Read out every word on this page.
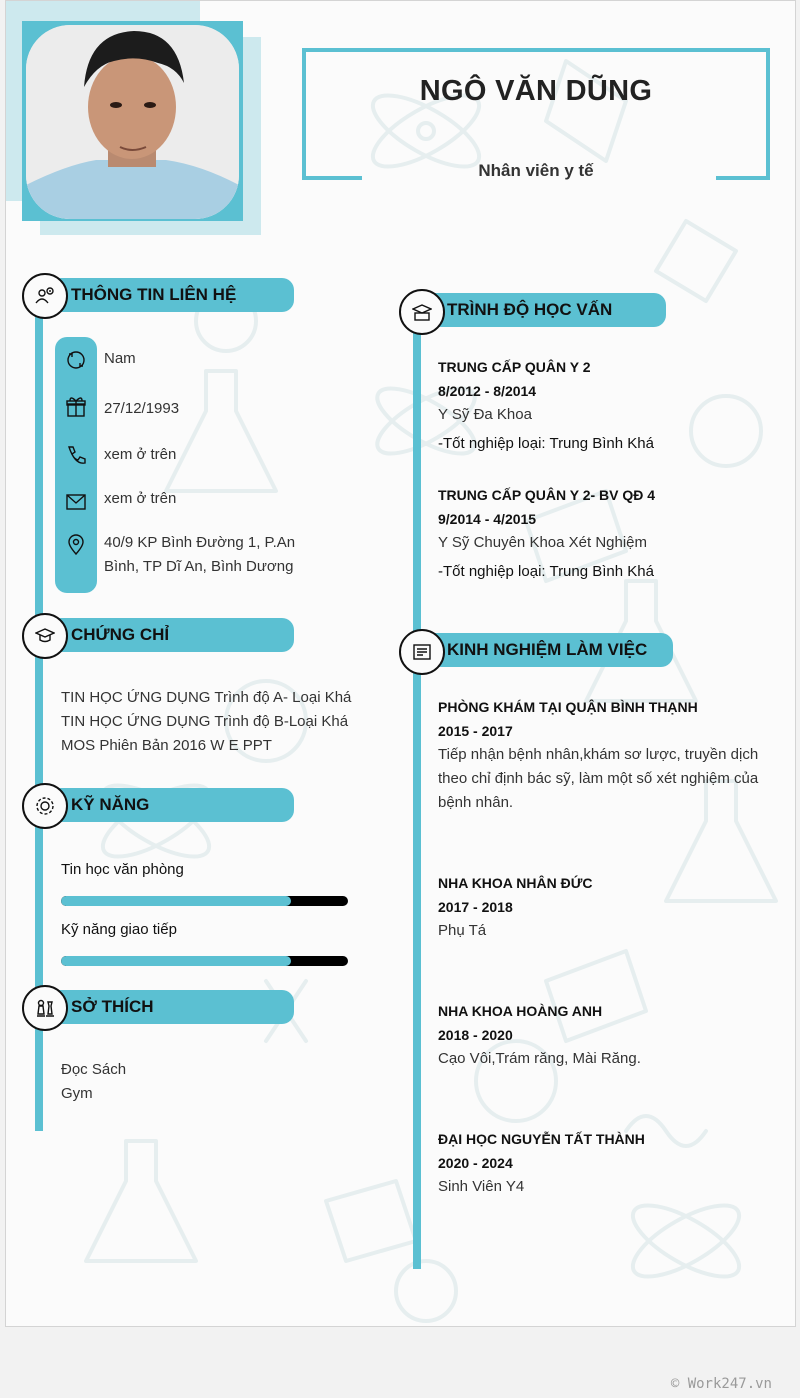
NGÔ VĂN DŨNG
Nhân viên y tế
THÔNG TIN LIÊN HỆ
Nam
27/12/1993
xem ở trên
xem ở trên
40/9 KP Bình Đường 1, P.An
Bình, TP Dĩ An, Bình Dương
CHỨNG CHỈ
TIN HỌC ỨNG DỤNG Trình độ A- Loại Khá
TIN HỌC ỨNG DỤNG Trình độ B-Loại Khá
MOS Phiên Bản 2016 W E PPT
KỸ NĂNG
Tin học văn phòng
Kỹ năng giao tiếp
SỞ THÍCH
Đọc Sách
Gym
TRÌNH ĐỘ HỌC VẤN
TRUNG CẤP QUÂN Y 2
8/2012 - 8/2014
Y Sỹ Đa Khoa
-Tốt nghiệp loại: Trung Bình Khá
TRUNG CẤP QUÂN Y 2- BV QĐ 4
9/2014 - 4/2015
Y Sỹ Chuyên Khoa Xét Nghiệm
-Tốt nghiệp loại: Trung Bình Khá
KINH NGHIỆM LÀM VIỆC
PHÒNG KHÁM TẠI QUẬN BÌNH THẠNH
2015 - 2017
Tiếp nhận bệnh nhân,khám sơ lược, truyền dịch
theo chỉ định bác sỹ, làm một số xét nghiệm của
bệnh nhân.
NHA KHOA NHÂN ĐỨC
2017 - 2018
Phụ Tá
NHA KHOA HOÀNG ANH
2018 - 2020
Cạo Vôi,Trám răng, Mài Răng.
ĐẠI HỌC NGUYỄN TẤT THÀNH
2020 - 2024
Sinh Viên Y4
© Work247.vn
